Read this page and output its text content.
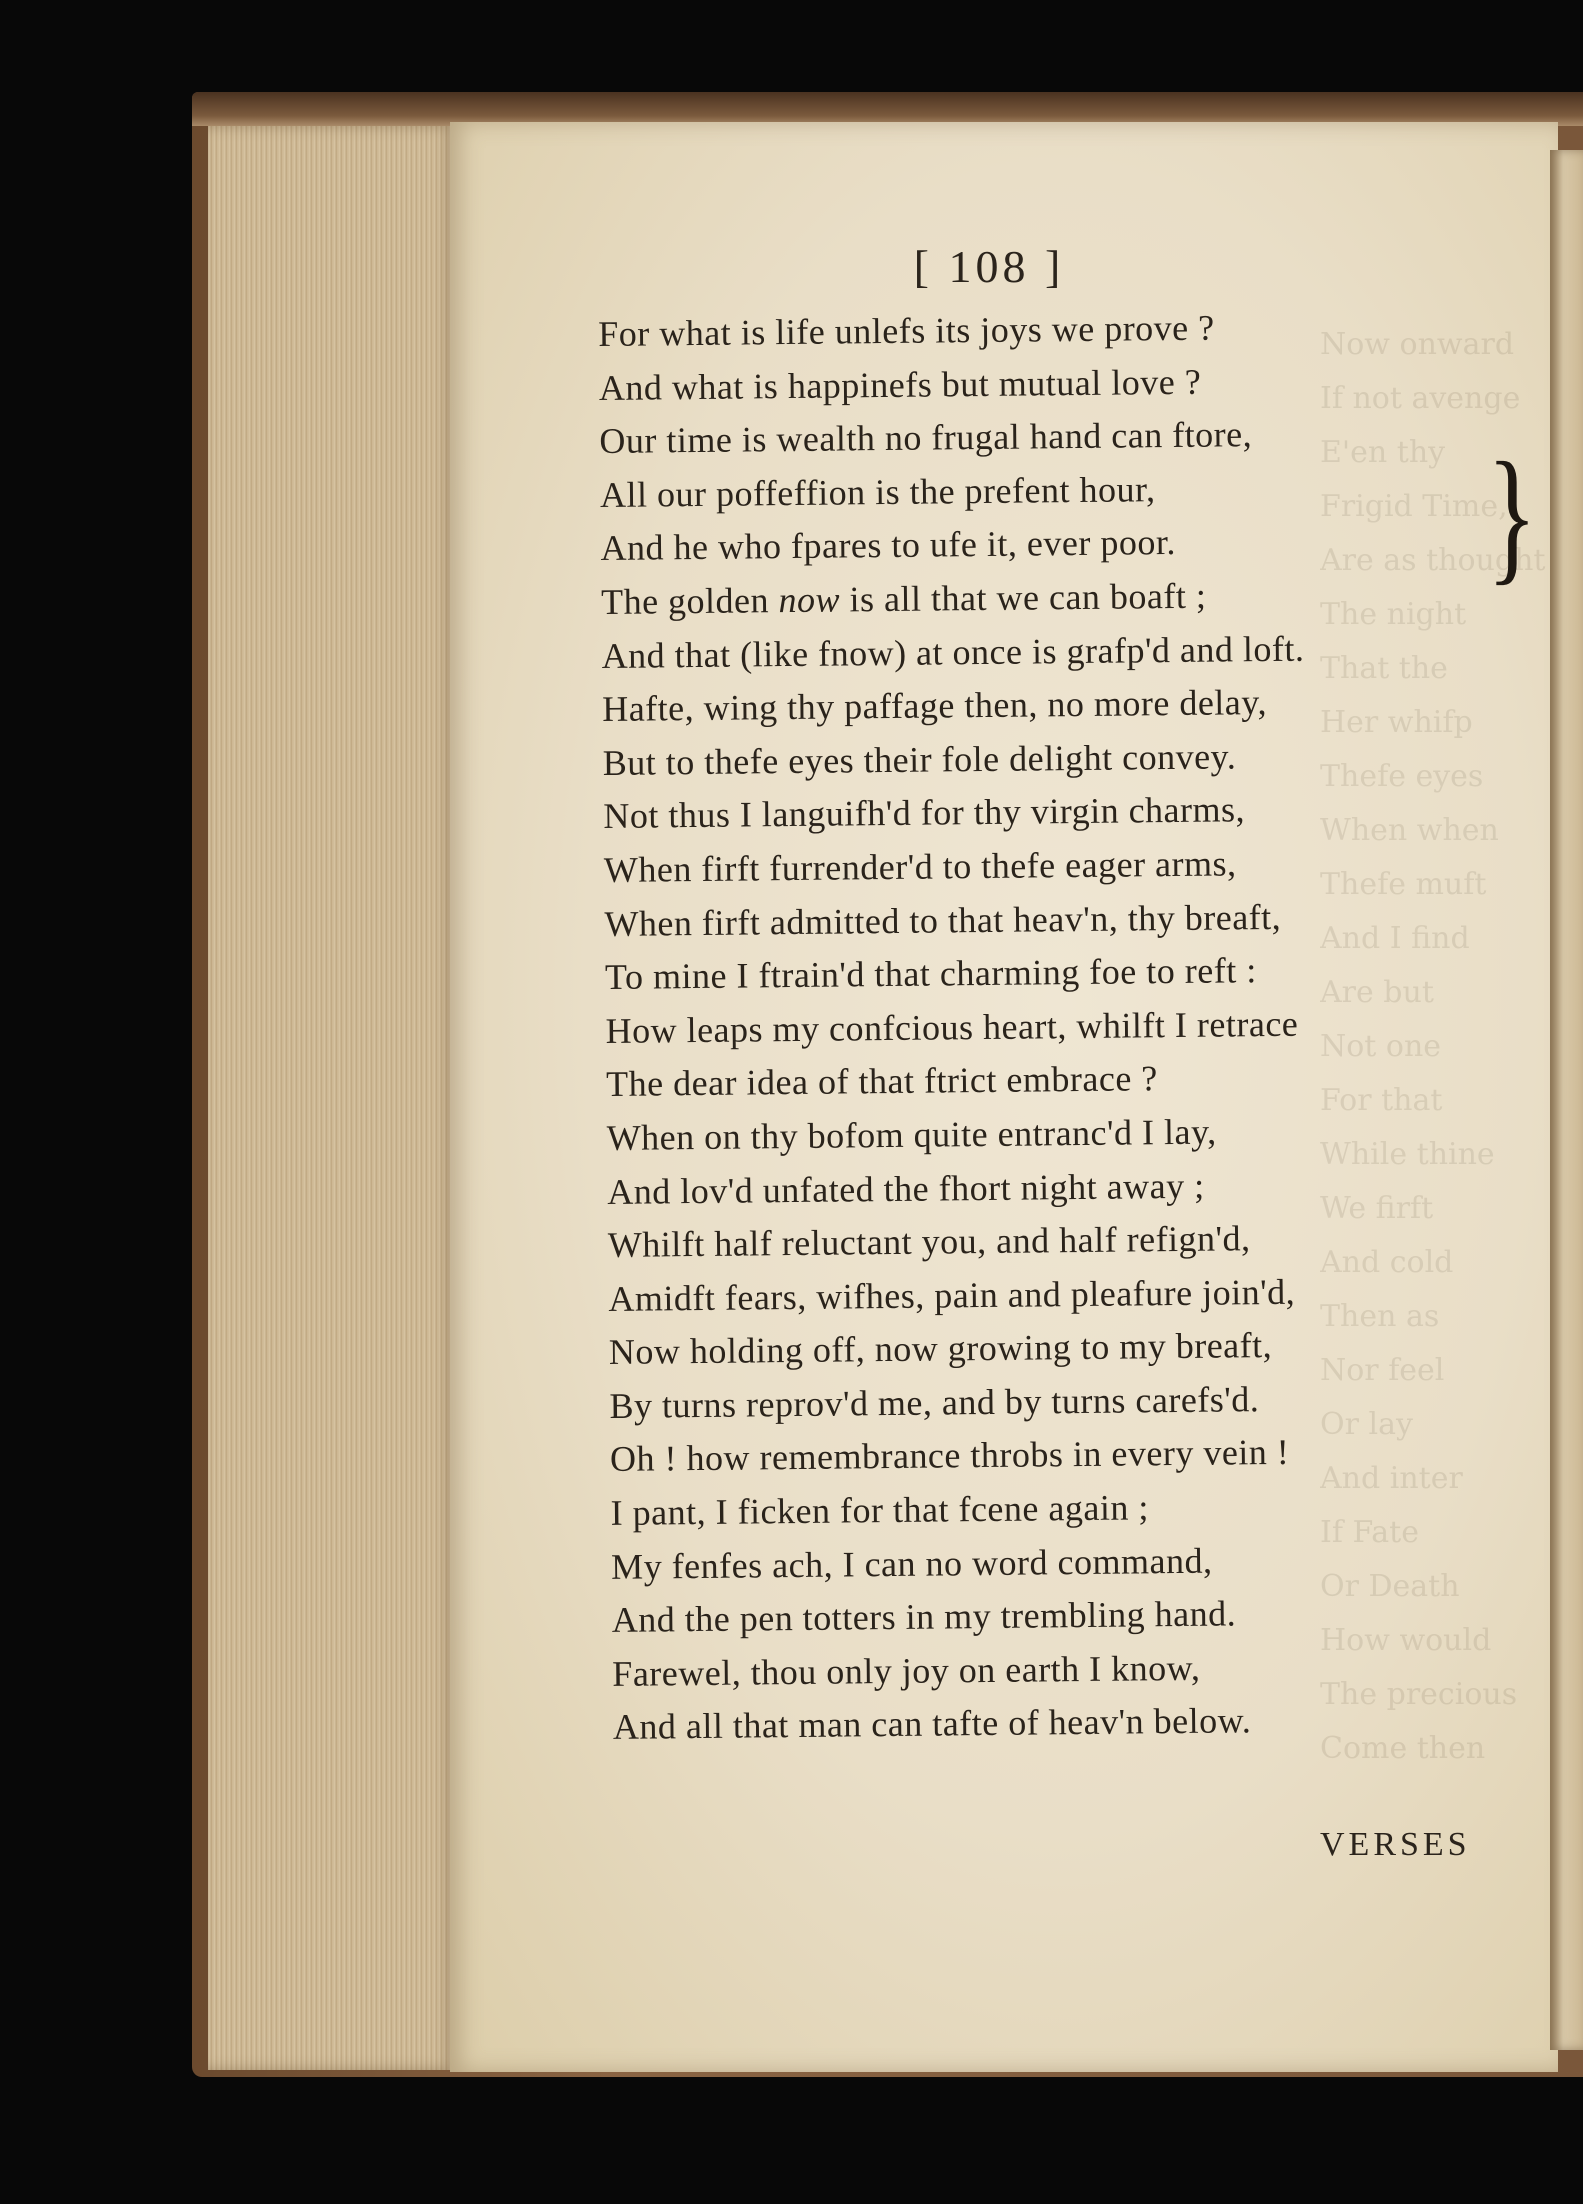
Now onward
If not avenge
E'en thy
Frigid Time,
Are as thought
The night
That the
Her whifp
Thefe eyes
When when
Thefe muft
And I find
Are but
Not one
For that
While thine
We firft
And cold
Then as
Nor feel
Or lay
And inter
If Fate
Or Death
How would
The precious
Come then
[ 108 ]
For what is life unlefs its joys we prove ?
And what is happinefs but mutual love ?
Our time is wealth no frugal hand can ftore,
All our poffeffion is the prefent hour,
And he who fpares to ufe it, ever poor.
The golden now is all that we can boaft ;
And that (like fnow) at once is grafp'd and loft.
Hafte, wing thy paffage then, no more delay,
But to thefe eyes their fole delight convey.
Not thus I languifh'd for thy virgin charms,
When firft furrender'd to thefe eager arms,
When firft admitted to that heav'n, thy breaft,
To mine I ftrain'd that charming foe to reft :
How leaps my confcious heart, whilft I retrace
The dear idea of that ftrict embrace ?
When on thy bofom quite entranc'd I lay,
And lov'd unfated the fhort night away ;
Whilft half reluctant you, and half refign'd,
Amidft fears, wifhes, pain and pleafure join'd,
Now holding off, now growing to my breaft,
By turns reprov'd me, and by turns carefs'd.
Oh ! how remembrance throbs in every vein !
I pant, I ficken for that fcene again ;
My fenfes ach, I can no word command,
And the pen totters in my trembling hand.
Farewel, thou only joy on earth I know,
And all that man can tafte of heav'n below.
}
VERSES
